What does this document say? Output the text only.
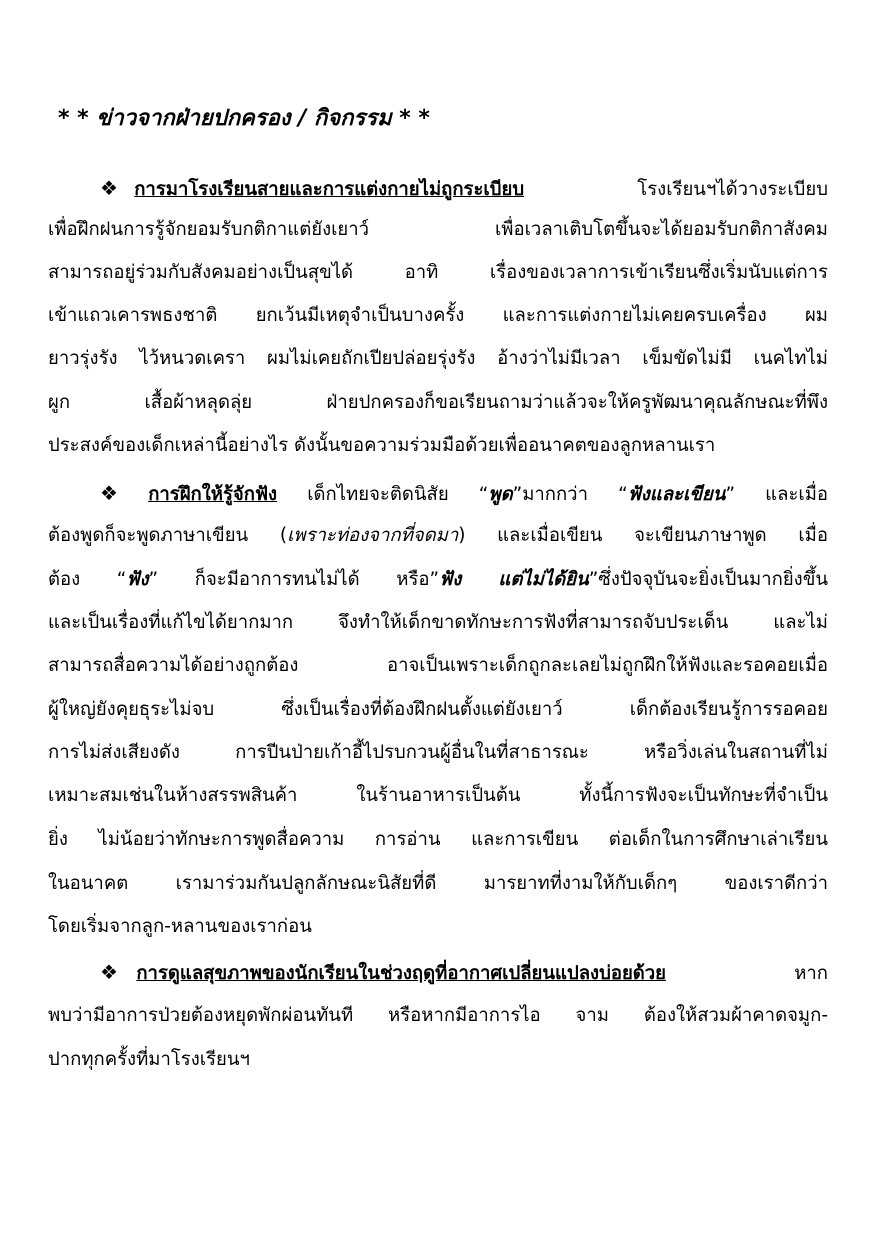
* * ข่าวจากฝ่ายปกครอง / กิจกรรม * *
❖ การมาโรงเรียนสายและการแต่งกายไม่ถูกระเบียบ	โรงเรียนฯได้วางระเบียบ
เพื่อฝึกฝนการรู้จักยอมรับกติกาแต่ยังเยาว์ เพื่อเวลาเติบโตขึ้นจะได้ยอมรับกติกาสังคม
สามารถอยู่ร่วมกับสังคมอย่างเป็นสุขได้ อาทิ เรื่องของเวลาการเข้าเรียนซึ่งเริ่มนับแต่การ
เข้าแถวเคารพธงชาติ ยกเว้นมีเหตุจำเป็นบางครั้ง และการแต่งกายไม่เคยครบเครื่อง ผม
ยาวรุ่งรัง ไว้หนวดเครา ผมไม่เคยถักเปียปล่อยรุ่งรัง อ้างว่าไม่มีเวลา เข็มขัดไม่มี เนคไทไม่
ผูก เสื้อผ้าหลุดลุ่ย ฝ่ายปกครองก็ขอเรียนถามว่าแล้วจะให้ครูพัฒนาคุณลักษณะที่พึง
ประสงค์ของเด็กเหล่านี้อย่างไร ดังนั้นขอความร่วมมือด้วยเพื่ออนาคตของลูกหลานเรา
❖ การฝึกให้รู้จักฟัง เด็กไทยจะติดนิสัย “พูด”มากกว่า “ฟังและเขียน” และเมื่อ
ต้องพูดก็จะพูดภาษาเขียน (เพราะท่องจากที่จดมา) และเมื่อเขียน จะเขียนภาษาพูด เมื่อ
ต้อง “ฟัง” ก็จะมีอาการทนไม่ได้ หรือ”ฟัง แต่ไม่ได้ยิน”ซึ่งปัจจุบันจะยิ่งเป็นมากยิ่งขึ้น
และเป็นเรื่องที่แก้ไขได้ยากมาก จึงทำให้เด็กขาดทักษะการฟังที่สามารถจับประเด็น และไม่
สามารถสื่อความได้อย่างถูกต้อง อาจเป็นเพราะเด็กถูกละเลยไม่ถูกฝึกให้ฟังและรอคอยเมื่อ
ผู้ใหญ่ยังคุยธุระไม่จบ ซึ่งเป็นเรื่องที่ต้องฝึกฝนตั้งแต่ยังเยาว์ เด็กต้องเรียนรู้การรอคอย
การไม่ส่งเสียงดัง การปีนป่ายเก้าอี้ไปรบกวนผู้อื่นในที่สาธารณะ หรือวิ่งเล่นในสถานที่ไม่
เหมาะสมเช่นในห้างสรรพสินค้า ในร้านอาหารเป็นต้น ทั้งนี้การฟังจะเป็นทักษะที่จำเป็น
ยิ่ง ไม่น้อยว่าทักษะการพูดสื่อความ การอ่าน และการเขียน ต่อเด็กในการศึกษาเล่าเรียน
ในอนาคต เรามาร่วมกันปลูกลักษณะนิสัยที่ดี มารยาทที่งามให้กับเด็กๆ ของเราดีกว่า
โดยเริ่มจากลูก-หลานของเราก่อน
❖ การดูแลสุขภาพของนักเรียนในช่วงฤดูที่อากาศเปลี่ยนแปลงบ่อยด้วย	หาก
พบว่ามีอาการป่วยต้องหยุดพักผ่อนทันที หรือหากมีอาการไอ จาม ต้องให้สวมผ้าคาดจมูก-
ปากทุกครั้งที่มาโรงเรียนฯ
